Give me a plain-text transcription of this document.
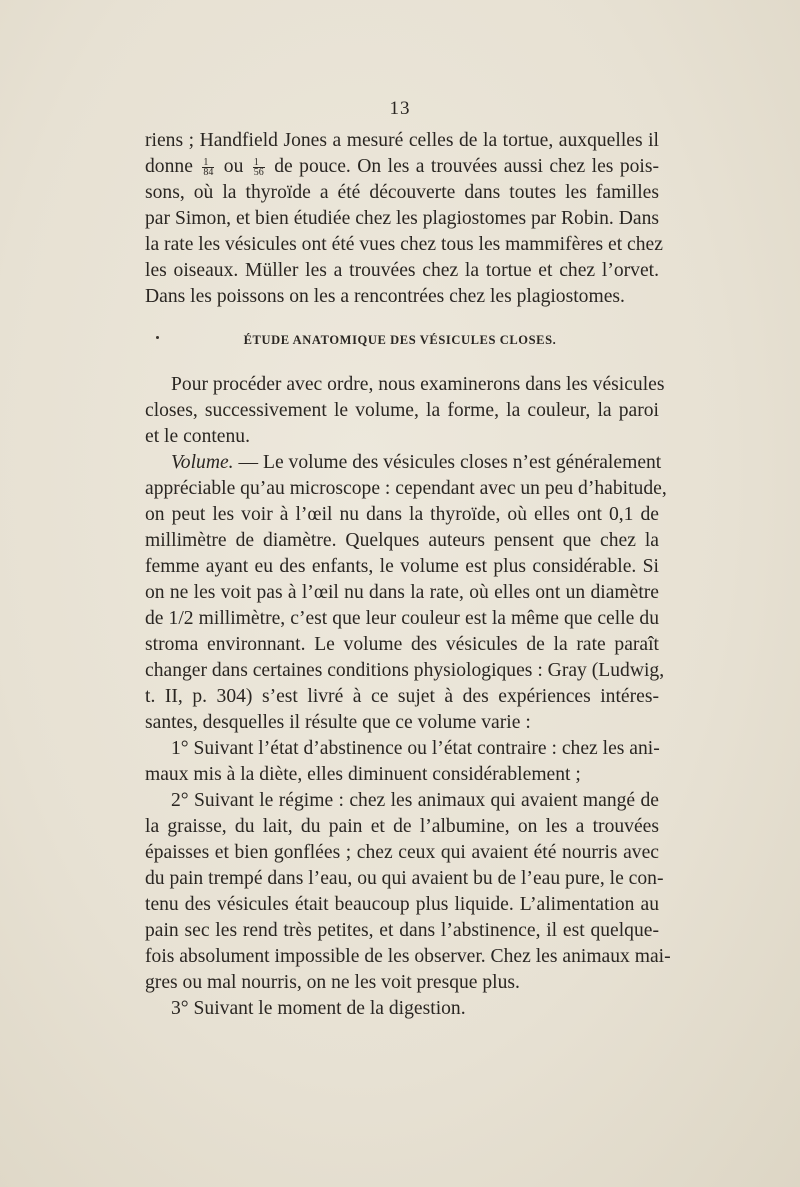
13
riens ; Handfield Jones a mesuré celles de la tortue, auxquelles il
donne $\frac{1}{84}$ ou $\frac{1}{56}$ de pouce. On les a trouvées aussi chez les pois-
sons, où la thyroïde a été découverte dans toutes les familles
par Simon, et bien étudiée chez les plagiostomes par Robin. Dans
la rate les vésicules ont été vues chez tous les mammifères et chez
les oiseaux. Müller les a trouvées chez la tortue et chez l’orvet.
Dans les poissons on les a rencontrées chez les plagiostomes.
ÉTUDE ANATOMIQUE DES VÉSICULES CLOSES.
Pour procéder avec ordre, nous examinerons dans les vésicules
closes, successivement le volume, la forme, la couleur, la paroi
et le contenu.
Volume. — Le volume des vésicules closes n’est généralement
appréciable qu’au microscope : cependant avec un peu d’habitude,
on peut les voir à l’œil nu dans la thyroïde, où elles ont 0,1 de
millimètre de diamètre. Quelques auteurs pensent que chez la
femme ayant eu des enfants, le volume est plus considérable. Si
on ne les voit pas à l’œil nu dans la rate, où elles ont un diamètre
de 1/2 millimètre, c’est que leur couleur est la même que celle du
stroma environnant. Le volume des vésicules de la rate paraît
changer dans certaines conditions physiologiques : Gray (Ludwig,
t. II, p. 304) s’est livré à ce sujet à des expériences intéres-
santes, desquelles il résulte que ce volume varie :
1° Suivant l’état d’abstinence ou l’état contraire : chez les ani-
maux mis à la diète, elles diminuent considérablement ;
2° Suivant le régime : chez les animaux qui avaient mangé de
la graisse, du lait, du pain et de l’albumine, on les a trouvées
épaisses et bien gonflées ; chez ceux qui avaient été nourris avec
du pain trempé dans l’eau, ou qui avaient bu de l’eau pure, le con-
tenu des vésicules était beaucoup plus liquide. L’alimentation au
pain sec les rend très petites, et dans l’abstinence, il est quelque-
fois absolument impossible de les observer. Chez les animaux mai-
gres ou mal nourris, on ne les voit presque plus.
3° Suivant le moment de la digestion.
